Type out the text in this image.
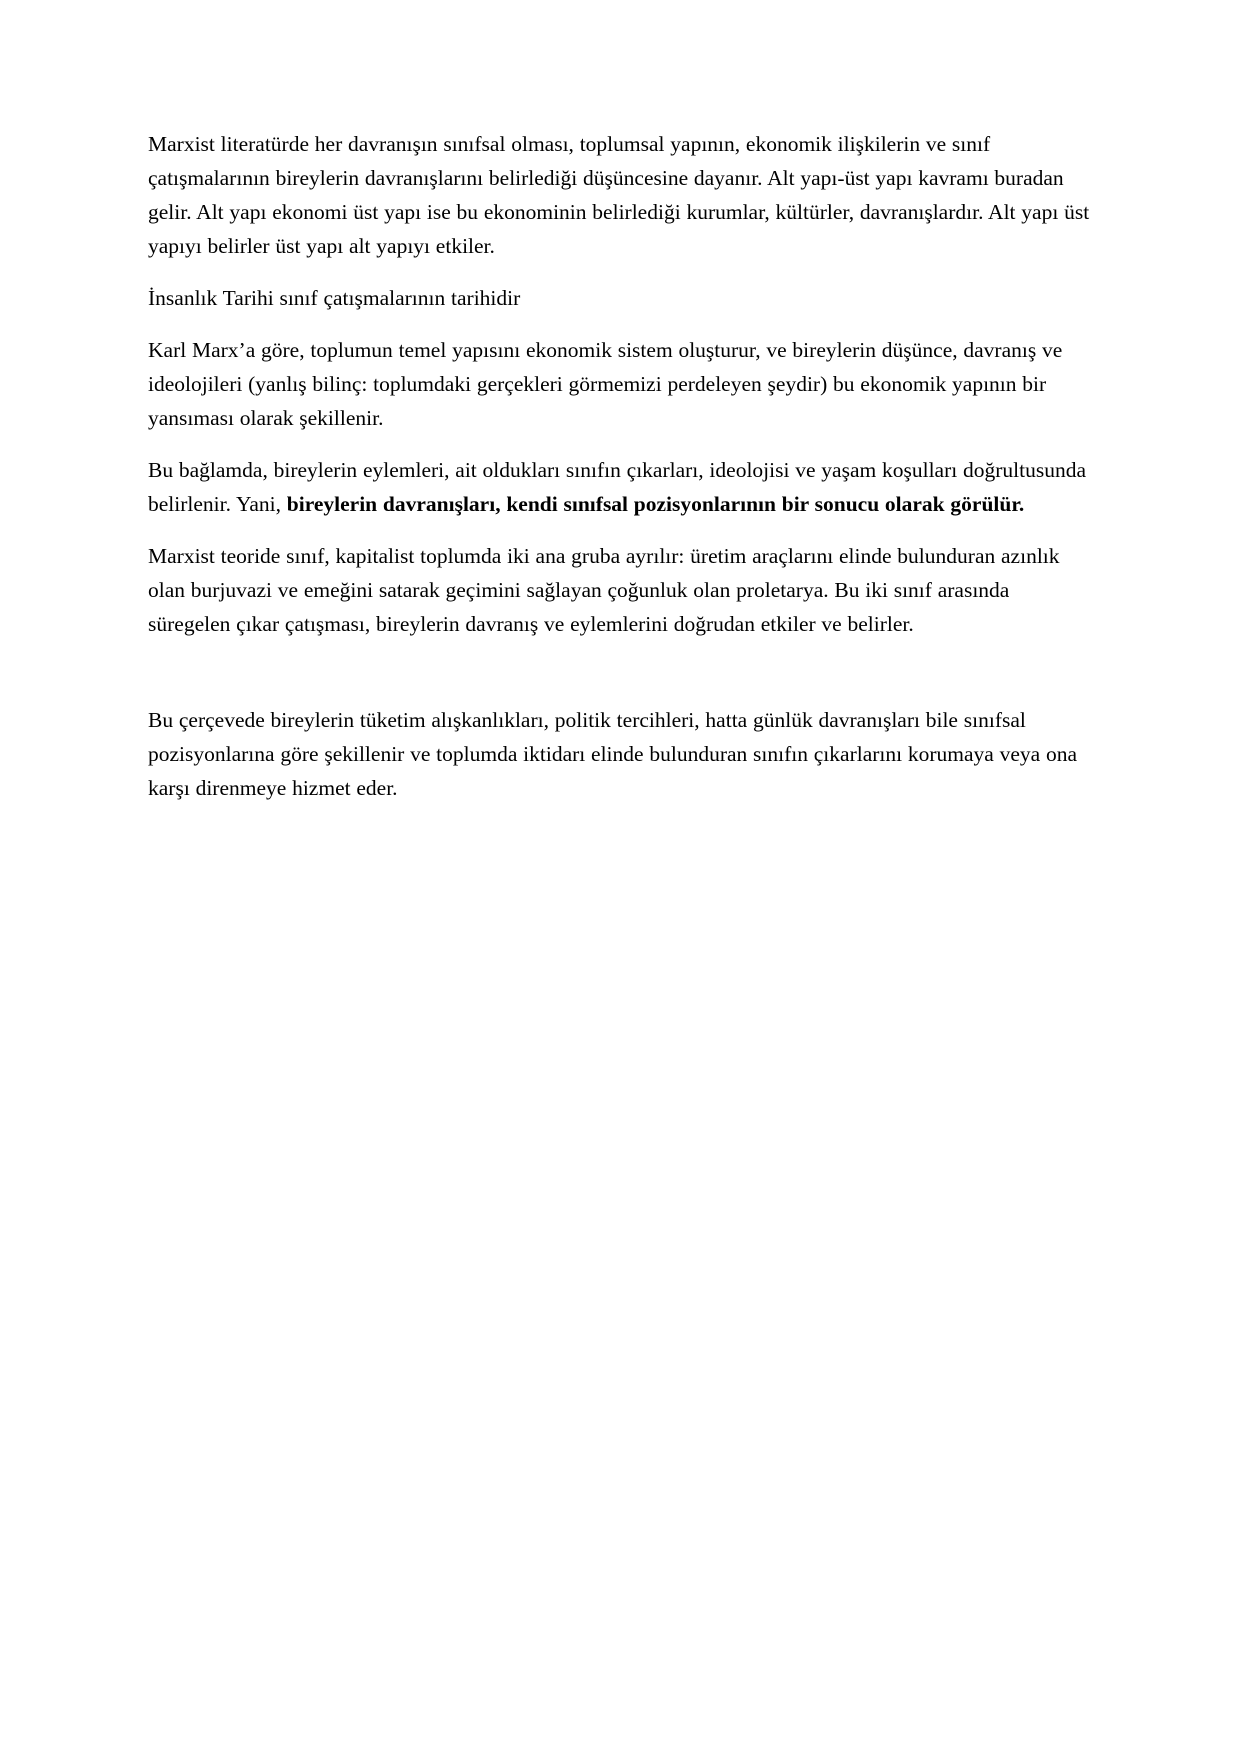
Marxist literatürde her davranışın sınıfsal olması, toplumsal yapının, ekonomik ilişkilerin ve sınıf çatışmalarının bireylerin davranışlarını belirlediği düşüncesine dayanır. Alt yapı-üst yapı kavramı buradan gelir. Alt yapı ekonomi üst yapı ise bu ekonominin belirlediği kurumlar, kültürler, davranışlardır. Alt yapı üst yapıyı belirler üst yapı alt yapıyı etkiler.

İnsanlık Tarihi sınıf çatışmalarının tarihidir

Karl Marx’a göre, toplumun temel yapısını ekonomik sistem oluşturur, ve bireylerin düşünce, davranış ve ideolojileri (yanlış bilinç: toplumdaki gerçekleri görmemizi perdeleyen şeydir) bu ekonomik yapının bir yansıması olarak şekillenir.

Bu bağlamda, bireylerin eylemleri, ait oldukları sınıfın çıkarları, ideolojisi ve yaşam koşulları doğrultusunda belirlenir. Yani, bireylerin davranışları, kendi sınıfsal pozisyonlarının bir sonucu olarak görülür.

Marxist teoride sınıf, kapitalist toplumda iki ana gruba ayrılır: üretim araçlarını elinde bulunduran azınlık olan burjuvazi ve emeğini satarak geçimini sağlayan çoğunluk olan proletarya. Bu iki sınıf arasında süregelen çıkar çatışması, bireylerin davranış ve eylemlerini doğrudan etkiler ve belirler.

Bu çerçevede bireylerin tüketim alışkanlıkları, politik tercihleri, hatta günlük davranışları bile sınıfsal pozisyonlarına göre şekillenir ve toplumda iktidarı elinde bulunduran sınıfın çıkarlarını korumaya veya ona karşı direnmeye hizmet eder.
